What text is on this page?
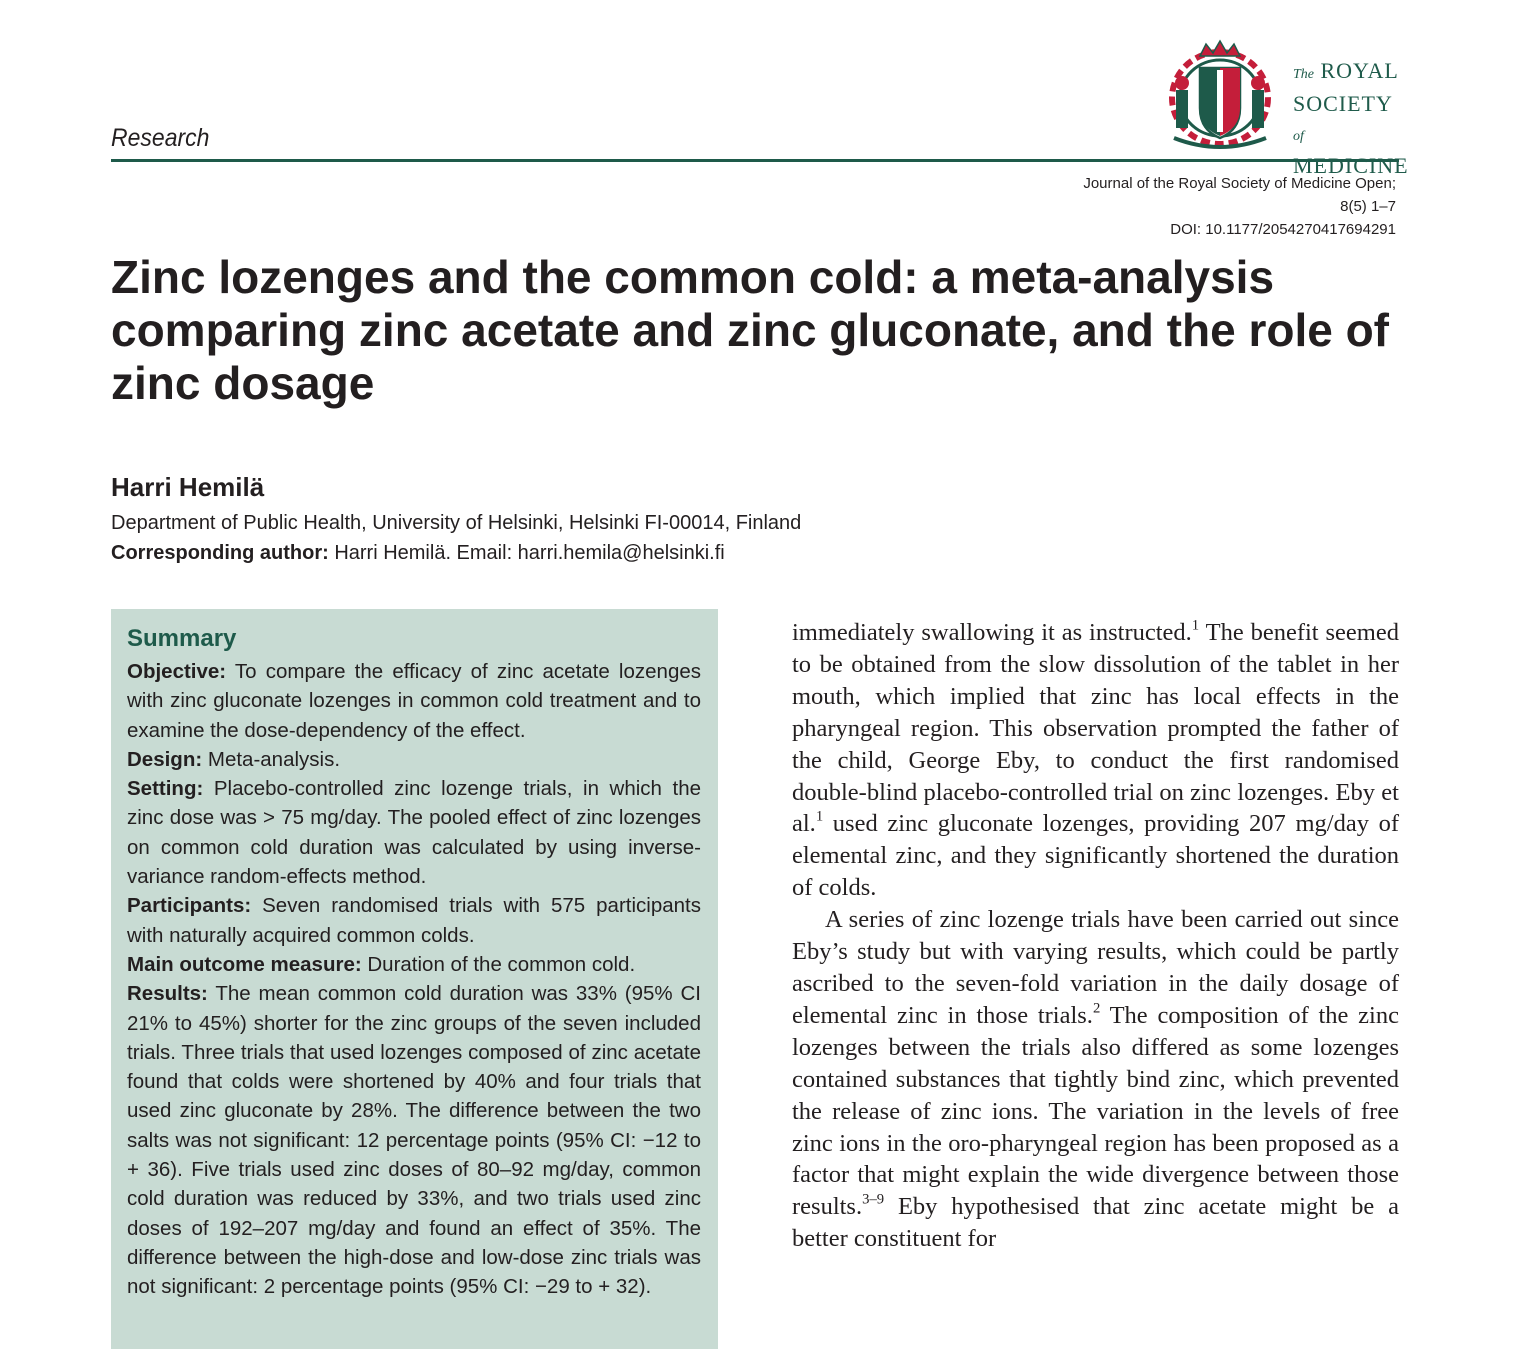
Research
The ROYAL
SOCIETY of
MEDICINE
Journal of the Royal Society of Medicine Open;
8(5) 1–7
DOI: 10.1177/2054270417694291
Zinc lozenges and the common cold: a meta-analysis comparing zinc acetate and zinc gluconate, and the role of zinc dosage
Harri Hemilä
Department of Public Health, University of Helsinki, Helsinki FI-00014, Finland
Corresponding author: Harri Hemilä. Email: harri.hemila@helsinki.fi
Summary

Objective: To compare the efficacy of zinc acetate lozenges with zinc gluconate lozenges in common cold treatment and to examine the dose-dependency of the effect.

Design: Meta-analysis.

Setting: Placebo-controlled zinc lozenge trials, in which the zinc dose was > 75 mg/day. The pooled effect of zinc lozenges on common cold duration was calculated by using inverse-variance random-effects method.

Participants: Seven randomised trials with 575 participants with naturally acquired common colds.

Main outcome measure: Duration of the common cold.

Results: The mean common cold duration was 33% (95% CI 21% to 45%) shorter for the zinc groups of the seven included trials. Three trials that used lozenges composed of zinc acetate found that colds were shortened by 40% and four trials that used zinc gluconate by 28%. The difference between the two salts was not significant: 12 percentage points (95% CI: −12 to + 36). Five trials used zinc doses of 80–92 mg/day, common cold duration was reduced by 33%, and two trials used zinc doses of 192–207 mg/day and found an effect of 35%. The difference between the high-dose and low-dose zinc trials was not significant: 2 percentage points (95% CI: −29 to + 32).

immediately swallowing it as instructed.$^1$ The benefit seemed to be obtained from the slow dissolution of the tablet in her mouth, which implied that zinc has local effects in the pharyngeal region. This observation prompted the father of the child, George Eby, to conduct the first randomised double-blind placebo-controlled trial on zinc lozenges. Eby et al.$^1$ used zinc gluconate lozenges, providing 207 mg/day of elemental zinc, and they significantly shortened the duration of colds.

A series of zinc lozenge trials have been carried out since Eby’s study but with varying results, which could be partly ascribed to the seven-fold variation in the daily dosage of elemental zinc in those trials.$^2$ The composition of the zinc lozenges between the trials also differed as some lozenges contained substances that tightly bind zinc, which prevented the release of zinc ions. The variation in the levels of free zinc ions in the oro-pharyngeal region has been proposed as a factor that might explain the wide divergence between those results.$^{3-9}$ Eby hypothesised that zinc acetate might be a better constituent for
